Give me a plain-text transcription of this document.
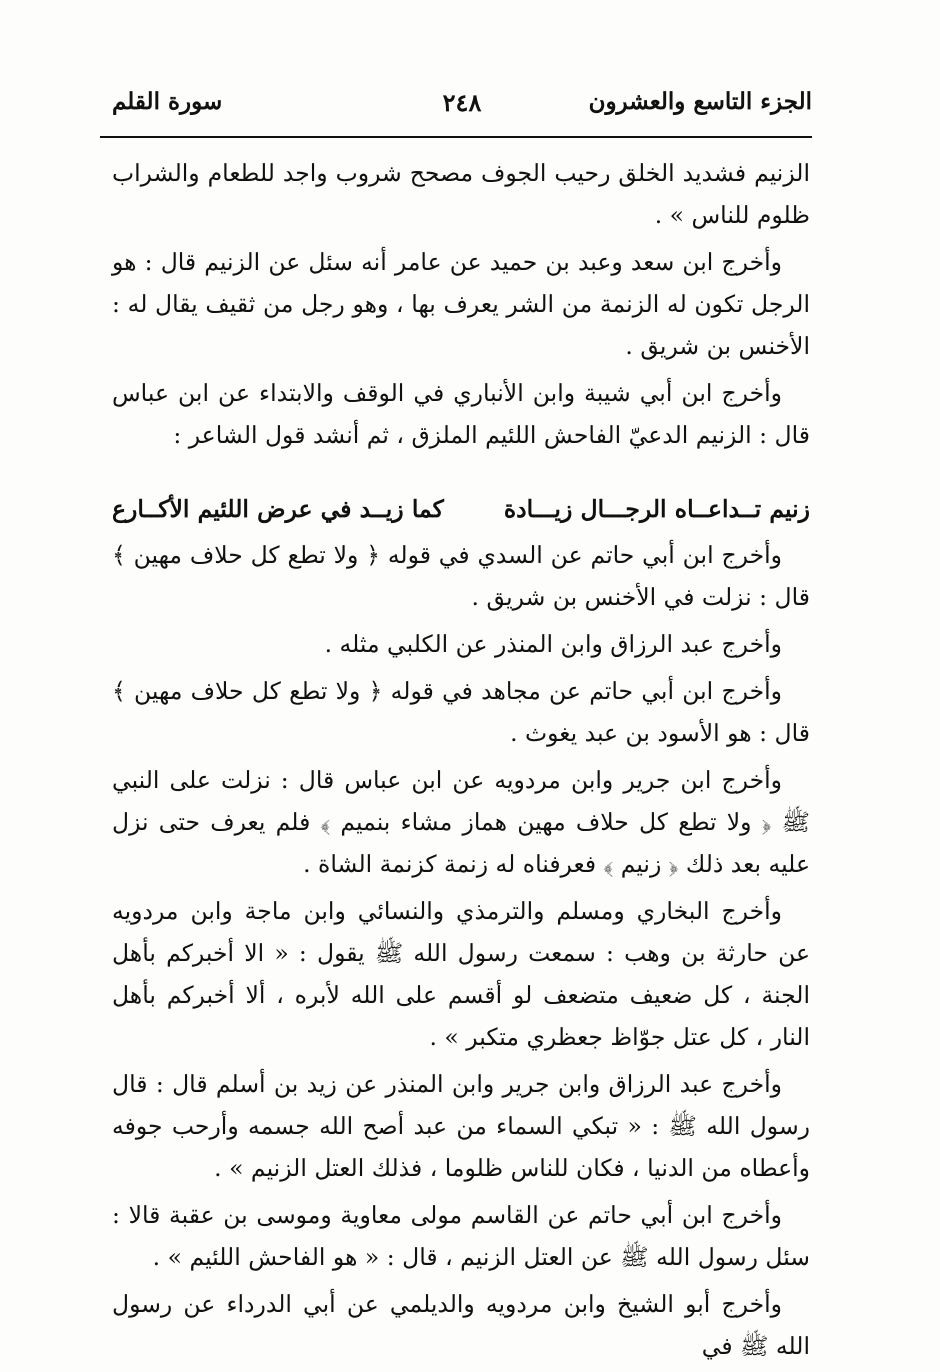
الجزء التاسع والعشرون
٢٤٨
سورة القلم

الزنيم فشديد الخلق رحيب الجوف مصحح شروب واجد للطعام والشراب ظلوم للناس » .

وأخرج ابن سعد وعبد بن حميد عن عامر أنه سئل عن الزنيم قال : هو الرجل تكون له الزنمة من الشر يعرف بها ، وهو رجل من ثقيف يقال له : الأخنس بن شريق .

وأخرج ابن أبي شيبة وابن الأنباري في الوقف والابتداء عن ابن عباس قال : الزنيم الدعيّ الفاحش اللئيم الملزق ، ثم أنشد قول الشاعر :

زنيم تــداعــاه الرجـــال زيـــادة
كما زيــد في عرض اللئيم الأكــارع

وأخرج ابن أبي حاتم عن السدي في قوله ﴿ ولا تطع كل حلاف مهين ﴾ قال : نزلت في الأخنس بن شريق .

وأخرج عبد الرزاق وابن المنذر عن الكلبي مثله .

وأخرج ابن أبي حاتم عن مجاهد في قوله ﴿ ولا تطع كل حلاف مهين ﴾ قال : هو الأسود بن عبد يغوث .

وأخرج ابن جرير وابن مردويه عن ابن عباس قال : نزلت على النبي ﷺ ﴿ ولا تطع كل حلاف مهين هماز مشاء بنميم ﴾ فلم يعرف حتى نزل عليه بعد ذلك ﴿ زنيم ﴾ فعرفناه له زنمة كزنمة الشاة .

وأخرج البخاري ومسلم والترمذي والنسائي وابن ماجة وابن مردويه عن حارثة بن وهب : سمعت رسول الله ﷺ يقول : « الا أخبركم بأهل الجنة ، كل ضعيف متضعف لو أقسم على الله لأبره ، ألا أخبركم بأهل النار ، كل عتل جوّاظ جعظري متكبر » .

وأخرج عبد الرزاق وابن جرير وابن المنذر عن زيد بن أسلم قال : قال رسول الله ﷺ : « تبكي السماء من عبد أصح الله جسمه وأرحب جوفه وأعطاه من الدنيا ، فكان للناس ظلوما ، فذلك العتل الزنيم » .

وأخرج ابن أبي حاتم عن القاسم مولى معاوية وموسى بن عقبة قالا : سئل رسول الله ﷺ عن العتل الزنيم ، قال : « هو الفاحش اللئيم » .

وأخرج أبو الشيخ وابن مردويه والديلمي عن أبي الدرداء عن رسول الله ﷺ في
